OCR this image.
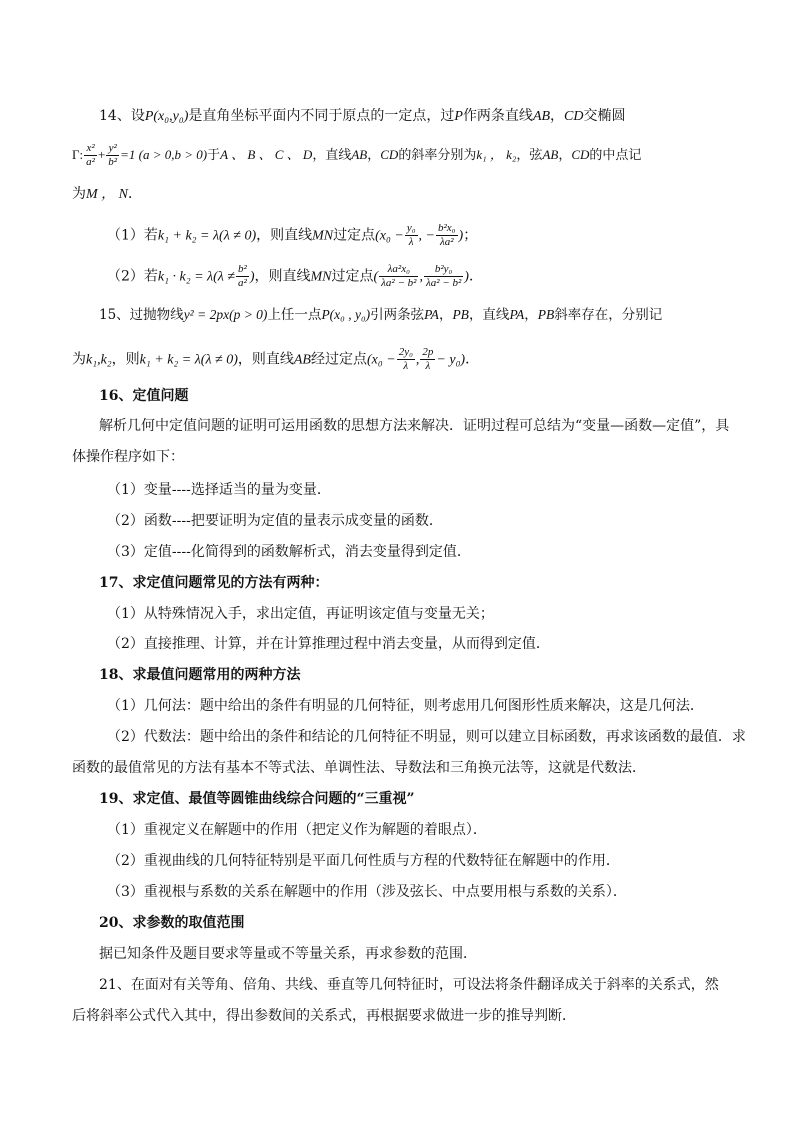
14、设P(x₀,y₀)是直角坐标平面内不同于原点的一定点，过P作两条直线AB，CD交椭圆
Γ: $\frac{\text{x²}}{\text{a²}} + \frac{\text{y²}}{\text{b²}} =1$ (a > 0,b > 0)于A 、 B 、 C 、 D，直线AB，CD的斜率分别为k₁ ， k₂，弦AB，CD的中点记
为M ， N．
（1）若k₁ + k₂ = λ(λ ≠ 0)，则直线MN过定点($x_0 - \frac{\text{y₀}}{\lambda}$ , − $\frac{\text{b²x₀}}{\text{λa²}}$ )；
（2）若$k_1 \cdot k_2 = \lambda(\lambda \ne \frac{\text{b²}}{\text{a²}}$ )，则直线MN过定点( $\frac{\text{λa²x₀}}{\text{λa² − b²}}$ , $\frac{\text{b²y₀}}{\text{λa² − b²}}$ )．
15、过抛物线y² = 2px(p > 0)上任一点P(x₀ , y₀)引两条弦PA，PB，直线PA，PB斜率存在，分别记
为k₁,k₂，则k₁ + k₂ = λ(λ ≠ 0)，则直线AB经过定点($x_0 - \frac{\text{2y₀}}{\lambda}$ , $\frac{2p}{\lambda} - y_0$)．
16、定值问题
解析几何中定值问题的证明可运用函数的思想方法来解决．证明过程可总结为“变量—函数—定值”，具
体操作程序如下：
（1）变量----选择适当的量为变量．
（2）函数----把要证明为定值的量表示成变量的函数．
（3）定值----化简得到的函数解析式，消去变量得到定值．
17、求定值问题常见的方法有两种：
（1）从特殊情况入手，求出定值，再证明该定值与变量无关；
（2）直接推理、计算，并在计算推理过程中消去变量，从而得到定值．
18、求最值问题常用的两种方法
（1）几何法：题中给出的条件有明显的几何特征，则考虑用几何图形性质来解决，这是几何法．
（2）代数法：题中给出的条件和结论的几何特征不明显，则可以建立目标函数，再求该函数的最值．求
函数的最值常见的方法有基本不等式法、单调性法、导数法和三角换元法等，这就是代数法．
19、求定值、最值等圆锥曲线综合问题的“三重视”
（1）重视定义在解题中的作用（把定义作为解题的着眼点）．
（2）重视曲线的几何特征特别是平面几何性质与方程的代数特征在解题中的作用．
（3）重视根与系数的关系在解题中的作用（涉及弦长、中点要用根与系数的关系）．
20、求参数的取值范围
据已知条件及题目要求等量或不等量关系，再求参数的范围．
21、在面对有关等角、倍角、共线、垂直等几何特征时，可设法将条件翻译成关于斜率的关系式，然
后将斜率公式代入其中，得出参数间的关系式，再根据要求做进一步的推导判断．
